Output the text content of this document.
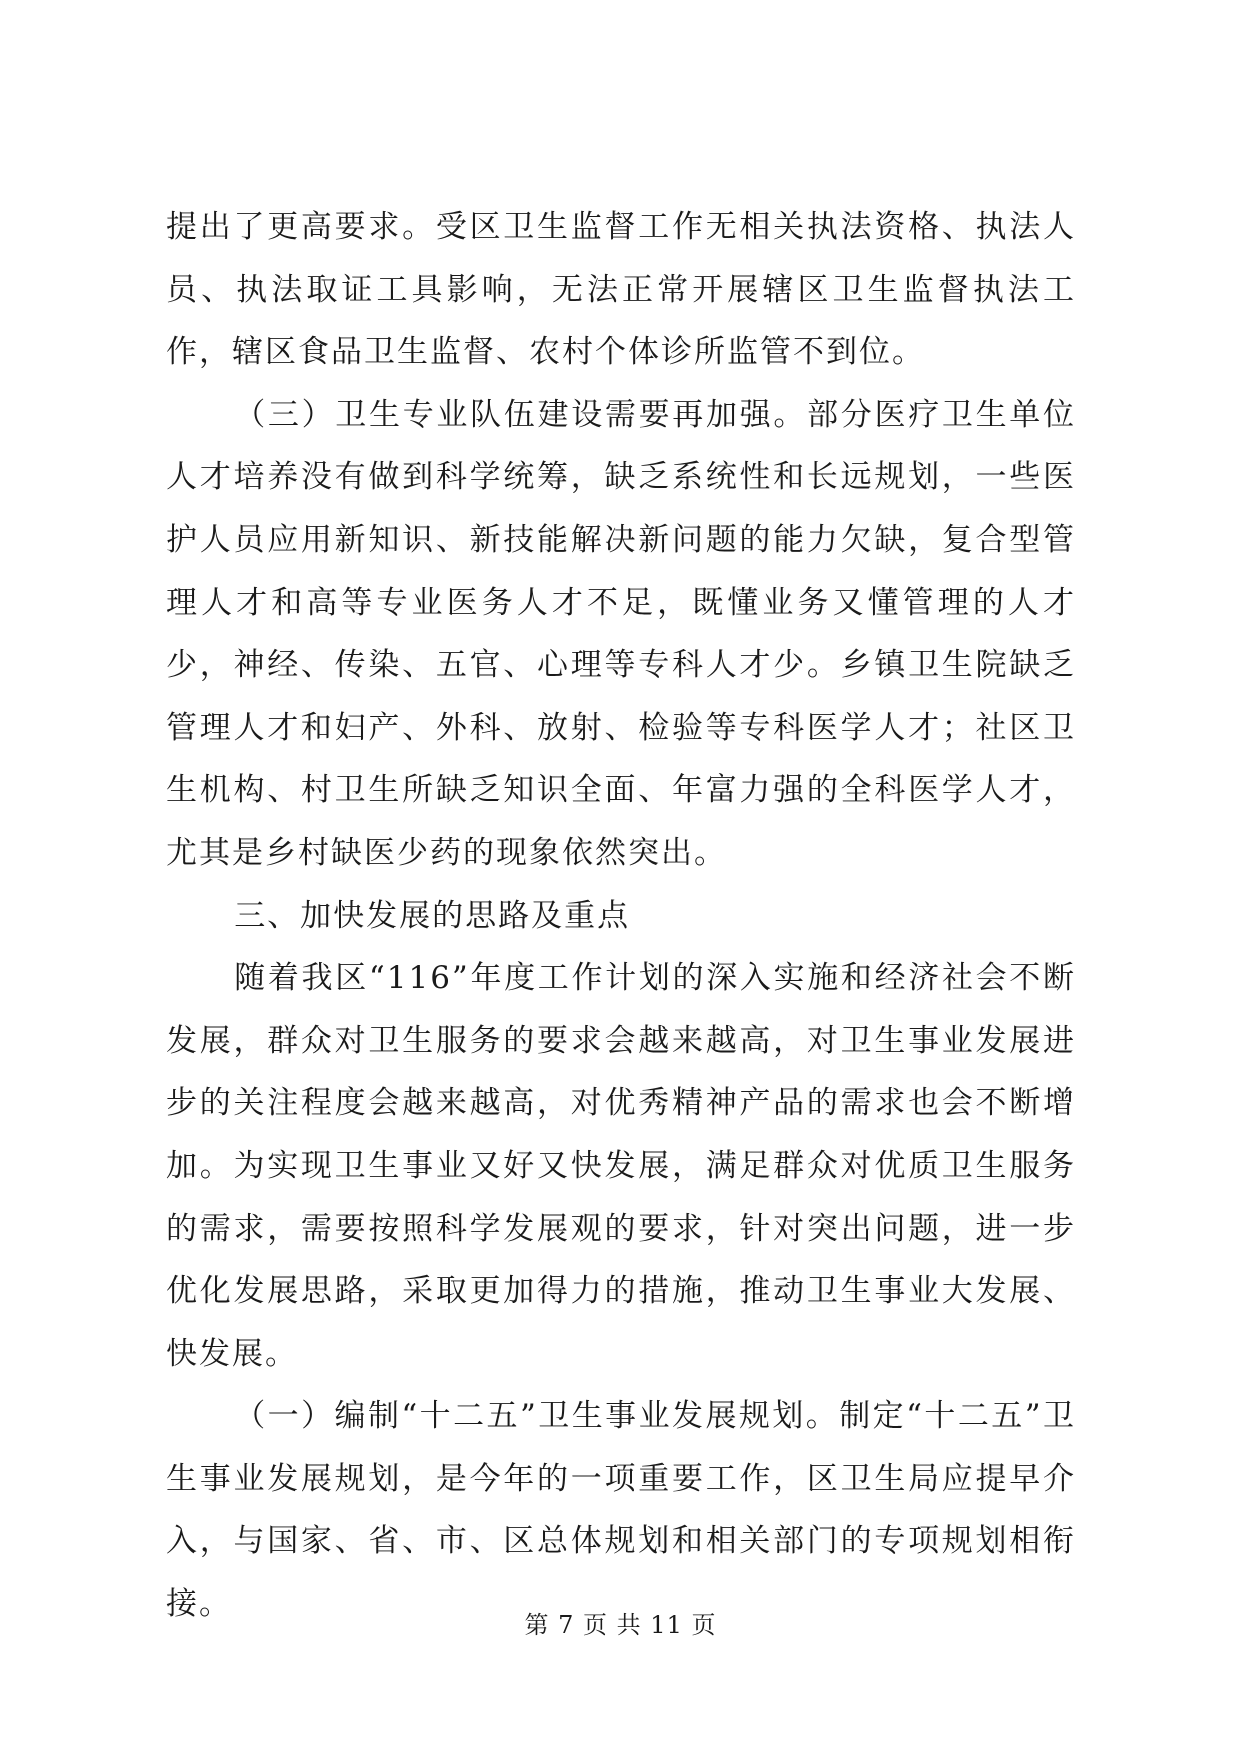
提出了更高要求。受区卫生监督工作无相关执法资格、执法人员、执法取证工具影响，无法正常开展辖区卫生监督执法工作，辖区食品卫生监督、农村个体诊所监管不到位。

（三）卫生专业队伍建设需要再加强。部分医疗卫生单位人才培养没有做到科学统筹，缺乏系统性和长远规划，一些医护人员应用新知识、新技能解决新问题的能力欠缺，复合型管理人才和高等专业医务人才不足，既懂业务又懂管理的人才少，神经、传染、五官、心理等专科人才少。乡镇卫生院缺乏管理人才和妇产、外科、放射、检验等专科医学人才；社区卫生机构、村卫生所缺乏知识全面、年富力强的全科医学人才，尤其是乡村缺医少药的现象依然突出。

三、加快发展的思路及重点

随着我区“116”年度工作计划的深入实施和经济社会不断发展，群众对卫生服务的要求会越来越高，对卫生事业发展进步的关注程度会越来越高，对优秀精神产品的需求也会不断增加。为实现卫生事业又好又快发展，满足群众对优质卫生服务的需求，需要按照科学发展观的要求，针对突出问题，进一步优化发展思路，采取更加得力的措施，推动卫生事业大发展、快发展。

（一）编制“十二五”卫生事业发展规划。制定“十二五”卫生事业发展规划，是今年的一项重要工作，区卫生局应提早介入，与国家、省、市、区总体规划和相关部门的专项规划相衔接。

第 7 页 共 11 页
